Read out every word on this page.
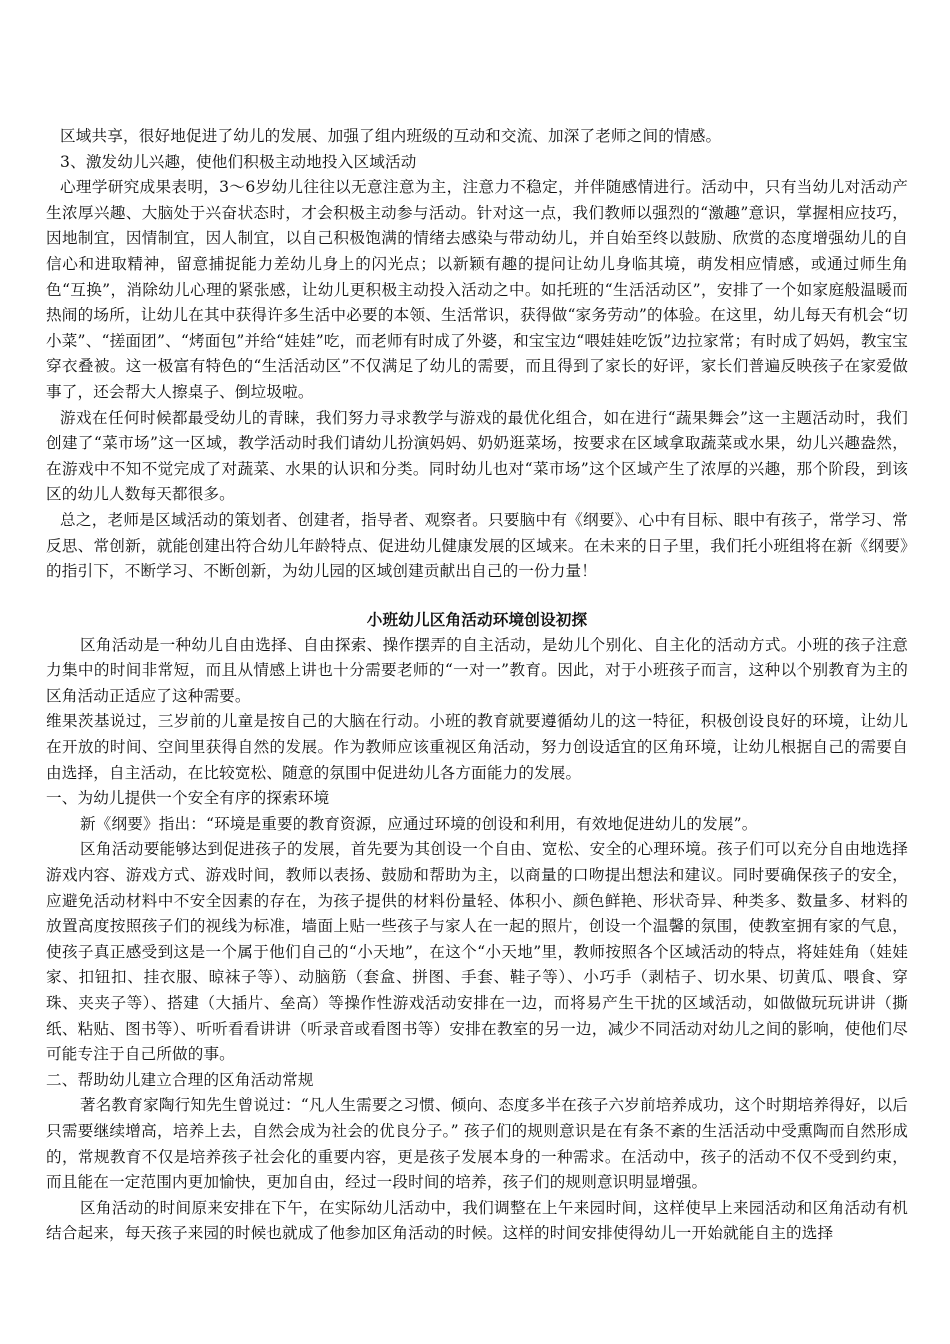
区域共享，很好地促进了幼儿的发展、加强了组内班级的互动和交流、加深了老师之间的情感。

3、激发幼儿兴趣，使他们积极主动地投入区域活动

心理学研究成果表明，3～6岁幼儿往往以无意注意为主，注意力不稳定，并伴随感情进行。活动中，只有当幼儿对活动产生浓厚兴趣、大脑处于兴奋状态时，才会积极主动参与活动。针对这一点，我们教师以强烈的“激趣”意识，掌握相应技巧，因地制宜，因情制宜，因人制宜，以自己积极饱满的情绪去感染与带动幼儿，并自始至终以鼓励、欣赏的态度增强幼儿的自信心和进取精神，留意捕捉能力差幼儿身上的闪光点；以新颖有趣的提问让幼儿身临其境，萌发相应情感，或通过师生角色“互换”，消除幼儿心理的紧张感，让幼儿更积极主动投入活动之中。如托班的“生活活动区”，安排了一个如家庭般温暖而热闹的场所，让幼儿在其中获得许多生活中必要的本领、生活常识，获得做“家务劳动”的体验。在这里，幼儿每天有机会“切小菜”、“搓面团”、“烤面包”并给“娃娃”吃，而老师有时成了外婆，和宝宝边“喂娃娃吃饭”边拉家常；有时成了妈妈，教宝宝穿衣叠被。这一极富有特色的“生活活动区”不仅满足了幼儿的需要，而且得到了家长的好评，家长们普遍反映孩子在家爱做事了，还会帮大人擦桌子、倒垃圾啦。

游戏在任何时候都最受幼儿的青睐，我们努力寻求教学与游戏的最优化组合，如在进行“蔬果舞会”这一主题活动时，我们创建了“菜市场”这一区域，教学活动时我们请幼儿扮演妈妈、奶奶逛菜场，按要求在区域拿取蔬菜或水果，幼儿兴趣盎然，在游戏中不知不觉完成了对蔬菜、水果的认识和分类。同时幼儿也对“菜市场”这个区域产生了浓厚的兴趣，那个阶段，到该区的幼儿人数每天都很多。

总之，老师是区域活动的策划者、创建者，指导者、观察者。只要脑中有《纲要》、心中有目标、眼中有孩子，常学习、常反思、常创新，就能创建出符合幼儿年龄特点、促进幼儿健康发展的区域来。在未来的日子里，我们托小班组将在新《纲要》的指引下，不断学习、不断创新，为幼儿园的区域创建贡献出自己的一份力量！

小班幼儿区角活动环境创设初探

区角活动是一种幼儿自由选择、自由探索、操作摆弄的自主活动，是幼儿个别化、自主化的活动方式。小班的孩子注意力集中的时间非常短，而且从情感上讲也十分需要老师的“一对一”教育。因此，对于小班孩子而言，这种以个别教育为主的区角活动正适应了这种需要。

维果茨基说过，三岁前的儿童是按自己的大脑在行动。小班的教育就要遵循幼儿的这一特征，积极创设良好的环境，让幼儿在开放的时间、空间里获得自然的发展。作为教师应该重视区角活动，努力创设适宜的区角环境，让幼儿根据自己的需要自由选择，自主活动，在比较宽松、随意的氛围中促进幼儿各方面能力的发展。

一、为幼儿提供一个安全有序的探索环境

新《纲要》指出：“环境是重要的教育资源，应通过环境的创设和利用，有效地促进幼儿的发展”。

区角活动要能够达到促进孩子的发展，首先要为其创设一个自由、宽松、安全的心理环境。孩子们可以充分自由地选择游戏内容、游戏方式、游戏时间，教师以表扬、鼓励和帮助为主，以商量的口吻提出想法和建议。同时要确保孩子的安全，应避免活动材料中不安全因素的存在，为孩子提供的材料份量轻、体积小、颜色鲜艳、形状奇异、种类多、数量多、材料的放置高度按照孩子们的视线为标准，墙面上贴一些孩子与家人在一起的照片，创设一个温馨的氛围，使教室拥有家的气息，使孩子真正感受到这是一个属于他们自己的“小天地”，在这个“小天地”里，教师按照各个区域活动的特点，将娃娃角（娃娃家、扣钮扣、挂衣服、晾袜子等）、动脑筋（套盒、拼图、手套、鞋子等）、小巧手（剥桔子、切水果、切黄瓜、喂食、穿珠、夹夹子等）、搭建（大插片、垒高）等操作性游戏活动安排在一边，而将易产生干扰的区域活动，如做做玩玩讲讲（撕纸、粘贴、图书等）、听听看看讲讲（听录音或看图书等）安排在教室的另一边，减少不同活动对幼儿之间的影响，使他们尽可能专注于自己所做的事。

二、帮助幼儿建立合理的区角活动常规

著名教育家陶行知先生曾说过：“凡人生需要之习惯、倾向、态度多半在孩子六岁前培养成功，这个时期培养得好，以后只需要继续增高，培养上去，自然会成为社会的优良分子。” 孩子们的规则意识是在有条不紊的生活活动中受熏陶而自然形成的，常规教育不仅是培养孩子社会化的重要内容，更是孩子发展本身的一种需求。在活动中，孩子的活动不仅不受到约束，而且能在一定范围内更加愉快，更加自由，经过一段时间的培养，孩子们的规则意识明显增强。

区角活动的时间原来安排在下午，在实际幼儿活动中，我们调整在上午来园时间，这样使早上来园活动和区角活动有机结合起来，每天孩子来园的时候也就成了他参加区角活动的时候。这样的时间安排使得幼儿一开始就能自主的选择
